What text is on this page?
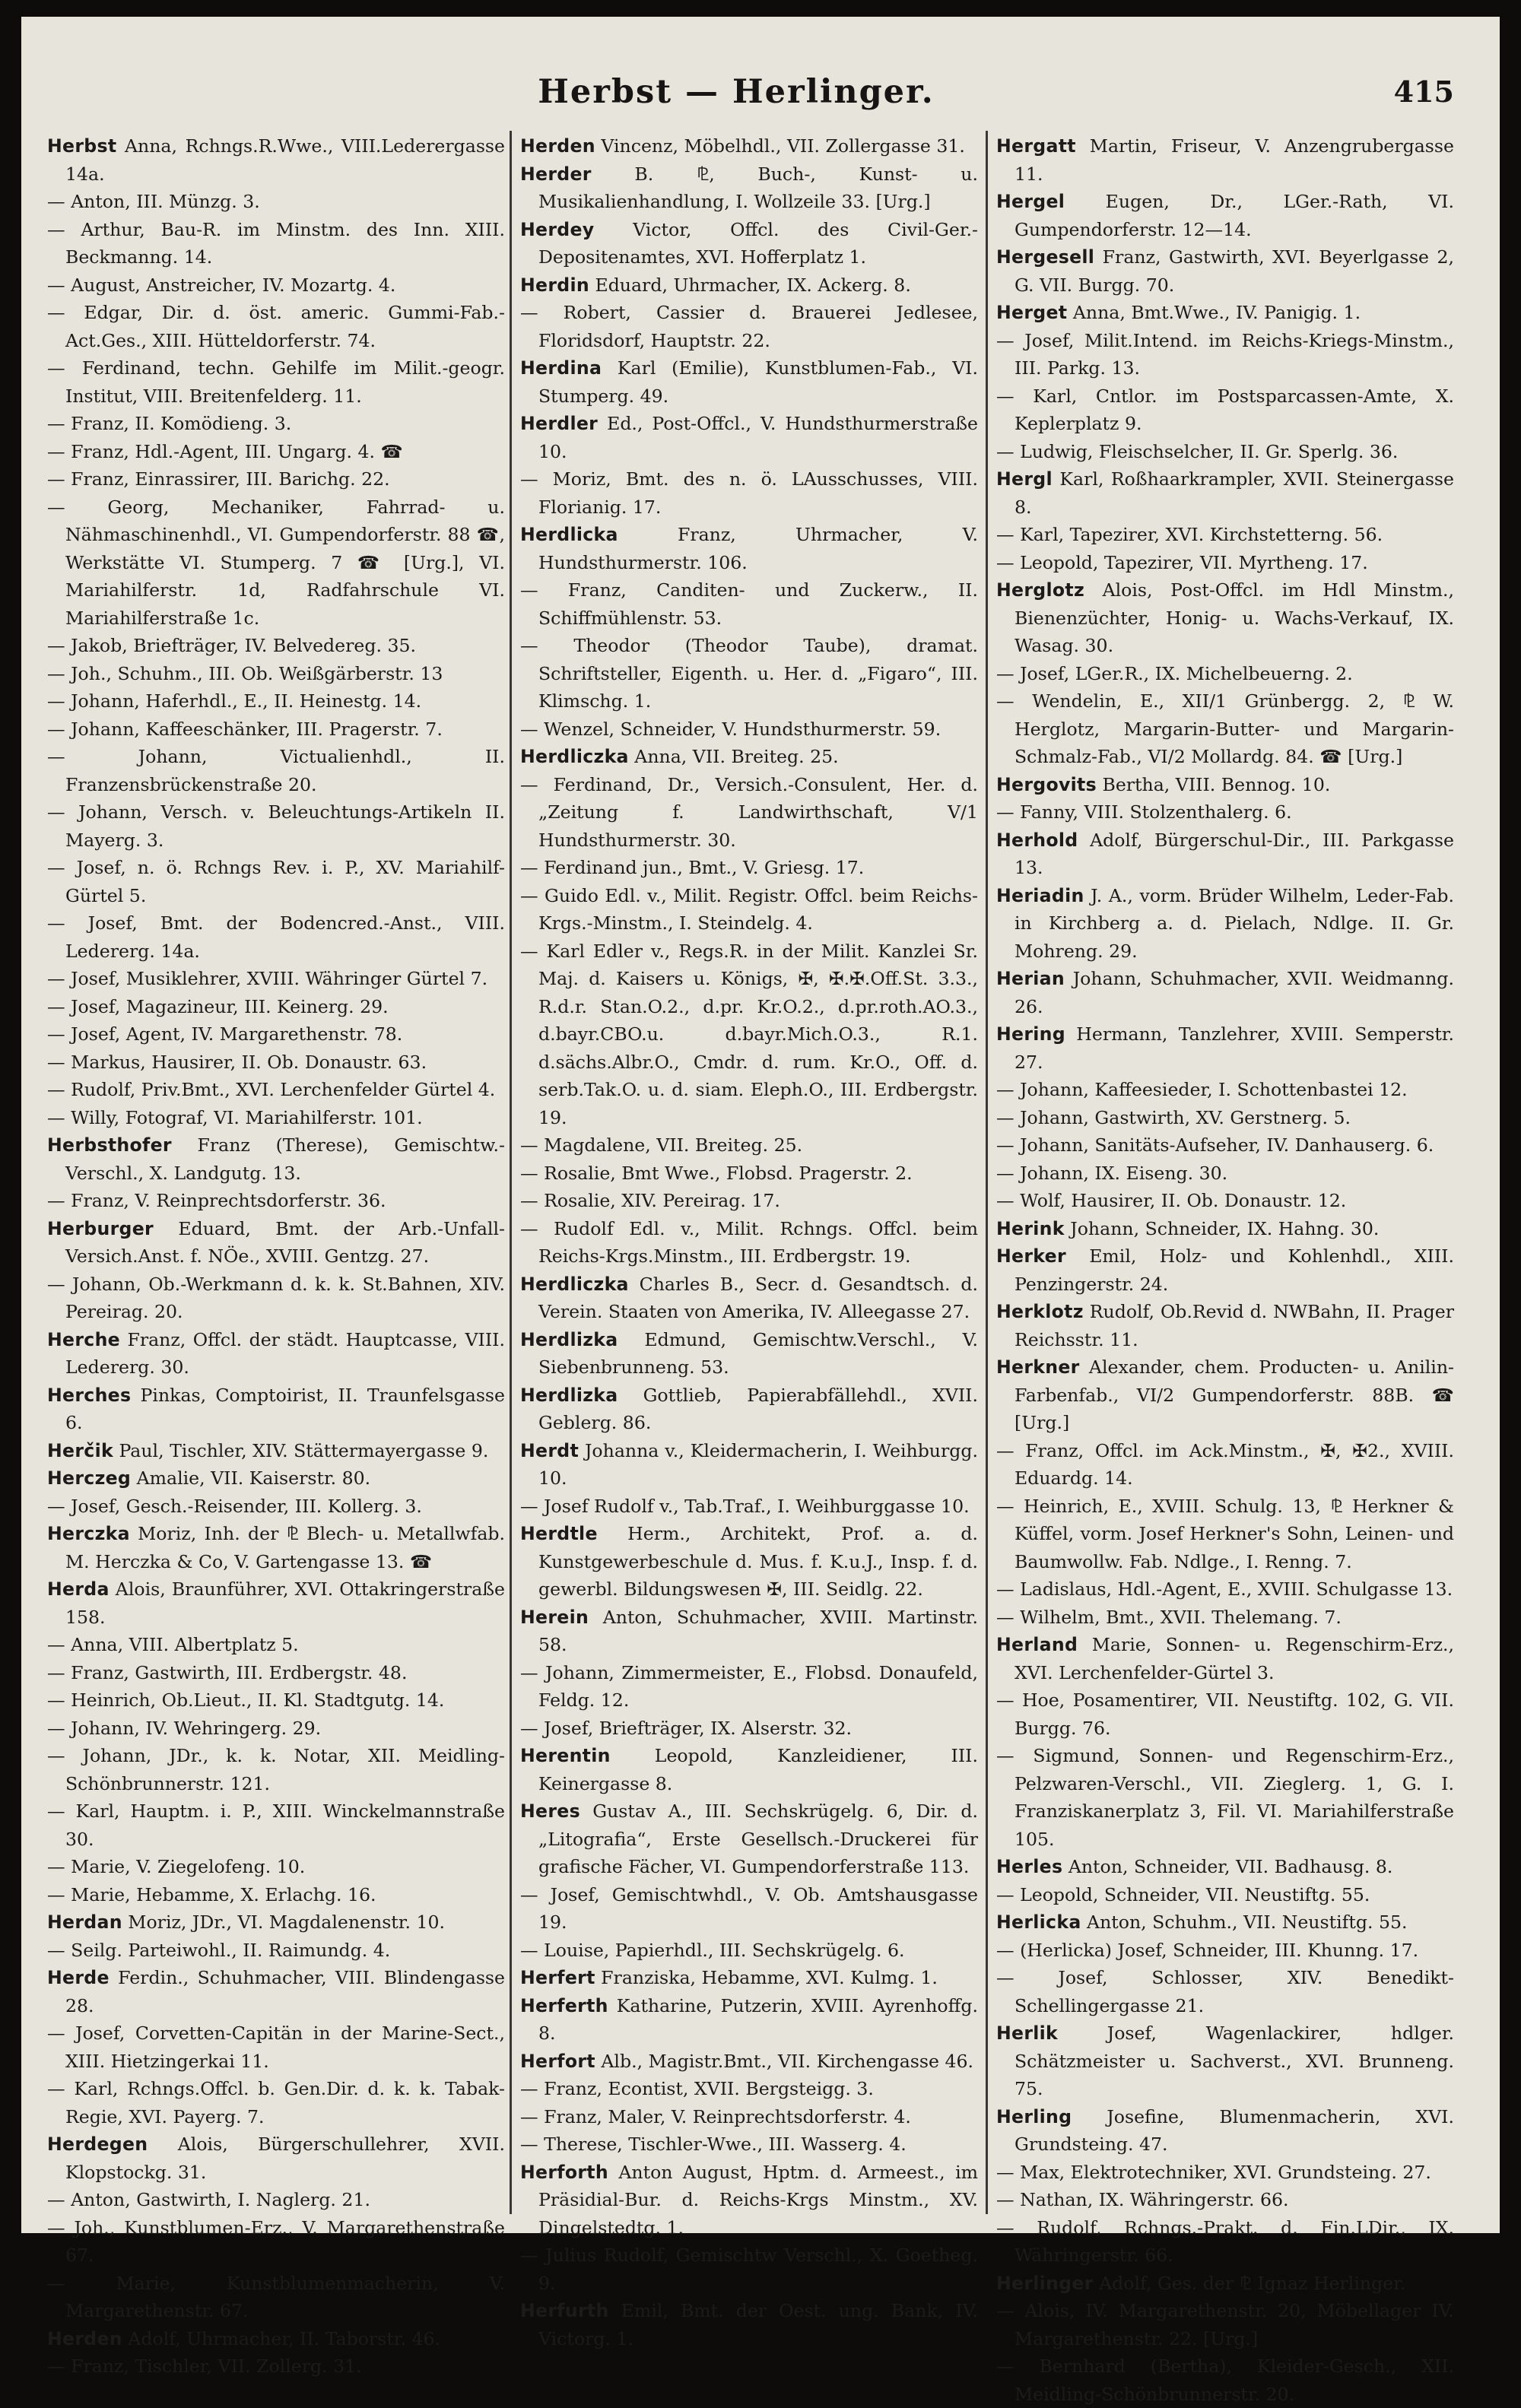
Herbst — Herlinger.	415

Herbst Anna, Rchngs.R.Wwe., VIII.Lederergasse 14a.

— Anton, III. Münzg. 3.

— Arthur, Bau-R. im Minstm. des Inn. XIII. Beckmanng. 14.

— August, Anstreicher, IV. Mozartg. 4.

— Edgar, Dir. d. öst. americ. Gummi-Fab.-Act.Ges., XIII. Hütteldorferstr. 74.

— Ferdinand, techn. Gehilfe im Milit.-geogr. Institut, VIII. Breitenfelderg. 11.

— Franz, II. Komödieng. 3.

— Franz, Hdl.-Agent, III. Ungarg. 4. ☎

— Franz, Einrassirer, III. Barichg. 22.

— Georg, Mechaniker, Fahrrad- u. Nähmaschinenhdl., VI. Gumpendorferstr. 88 ☎, Werkstätte VI. Stumperg. 7 ☎ [Urg.], VI. Mariahilferstr. 1d, Radfahrschule VI. Mariahilferstraße 1c.

— Jakob, Briefträger, IV. Belvedereg. 35.

— Joh., Schuhm., III. Ob. Weißgärberstr. 13

— Johann, Haferhdl., E., II. Heinestg. 14.

— Johann, Kaffeeschänker, III. Pragerstr. 7.

— Johann, Victualienhdl., II. Franzensbrückenstraße 20.

— Johann, Versch. v. Beleuchtungs-Artikeln II. Mayerg. 3.

— Josef, n. ö. Rchngs Rev. i. P., XV. Mariahilf-Gürtel 5.

— Josef, Bmt. der Bodencred.-Anst., VIII. Ledererg. 14a.

— Josef, Musiklehrer, XVIII. Währinger Gürtel 7.

— Josef, Magazineur, III. Keinerg. 29.

— Josef, Agent, IV. Margarethenstr. 78.

— Markus, Hausirer, II. Ob. Donaustr. 63.

— Rudolf, Priv.Bmt., XVI. Lerchenfelder Gürtel 4.

— Willy, Fotograf, VI. Mariahilferstr. 101.

Herbsthofer Franz (Therese), Gemischtw.-Verschl., X. Landgutg. 13.

— Franz, V. Reinprechtsdorferstr. 36.

Herburger Eduard, Bmt. der Arb.-Unfall-Versich.Anst. f. NÖe., XVIII. Gentzg. 27.

— Johann, Ob.-Werkmann d. k. k. St.Bahnen, XIV. Pereirag. 20.

Herche Franz, Offcl. der städt. Hauptcasse, VIII. Ledererg. 30.

Herches Pinkas, Comptoirist, II. Traunfelsgasse 6.

Herčik Paul, Tischler, XIV. Stättermayergasse 9.

Herczeg Amalie, VII. Kaiserstr. 80.

— Josef, Gesch.-Reisender, III. Kollerg. 3.

Herczka Moriz, Inh. der ⅊ Blech- u. Metallwfab. M. Herczka & Co, V. Gartengasse 13. ☎

Herda Alois, Braunführer, XVI. Ottakringerstraße 158.

— Anna, VIII. Albertplatz 5.

— Franz, Gastwirth, III. Erdbergstr. 48.

— Heinrich, Ob.Lieut., II. Kl. Stadtgutg. 14.

— Johann, IV. Wehringerg. 29.

— Johann, JDr., k. k. Notar, XII. Meidling-Schönbrunnerstr. 121.

— Karl, Hauptm. i. P., XIII. Winckelmannstraße 30.

— Marie, V. Ziegelofeng. 10.

— Marie, Hebamme, X. Erlachg. 16.

Herdan Moriz, JDr., VI. Magdalenenstr. 10.

— Seilg. Parteiwohl., II. Raimundg. 4.

Herde Ferdin., Schuhmacher, VIII. Blindengasse 28.

— Josef, Corvetten-Capitän in der Marine-Sect., XIII. Hietzingerkai 11.

— Karl, Rchngs.Offcl. b. Gen.Dir. d. k. k. Tabak-Regie, XVI. Payerg. 7.

Herdegen Alois, Bürgerschullehrer, XVII. Klopstockg. 31.

— Anton, Gastwirth, I. Naglerg. 21.

— Joh., Kunstblumen-Erz., V. Margarethenstraße 67.

— Marie, Kunstblumenmacherin, V. Margarethenstr. 67.

Herden Adolf, Uhrmacher, II. Taborstr. 46.

— Franz, Tischler, VII. Zollerg. 31.

Herden Vincenz, Möbelhdl., VII. Zollergasse 31.

Herder B. ⅊, Buch-, Kunst- u. Musikalienhandlung, I. Wollzeile 33. [Urg.]

Herdey Victor, Offcl. des Civil-Ger.-Depositenamtes, XVI. Hofferplatz 1.

Herdin Eduard, Uhrmacher, IX. Ackerg. 8.

— Robert, Cassier d. Brauerei Jedlesee, Floridsdorf, Hauptstr. 22.

Herdina Karl (Emilie), Kunstblumen-Fab., VI. Stumperg. 49.

Herdler Ed., Post-Offcl., V. Hundsthurmerstraße 10.

— Moriz, Bmt. des n. ö. LAusschusses, VIII. Florianig. 17.

Herdlicka Franz, Uhrmacher, V. Hundsthurmerstr. 106.

— Franz, Canditen- und Zuckerw., II. Schiffmühlenstr. 53.

— Theodor (Theodor Taube), dramat. Schriftsteller, Eigenth. u. Her. d. „Figaro“, III. Klimschg. 1.

— Wenzel, Schneider, V. Hundsthurmerstr. 59.

Herdliczka Anna, VII. Breiteg. 25.

— Ferdinand, Dr., Versich.-Consulent, Her. d. „Zeitung f. Landwirthschaft, V/1 Hundsthurmerstr. 30.

— Ferdinand jun., Bmt., V. Griesg. 17.

— Guido Edl. v., Milit. Registr. Offcl. beim Reichs-Krgs.-Minstm., I. Steindelg. 4.

— Karl Edler v., Regs.R. in der Milit. Kanzlei Sr. Maj. d. Kaisers u. Königs, ✠, ✠.✠.Off.St. 3.3., R.d.r. Stan.O.2., d.pr. Kr.O.2., d.pr.roth.AO.3., d.bayr.CBO.u. d.bayr.Mich.O.3., R.1. d.sächs.Albr.O., Cmdr. d. rum. Kr.O., Off. d. serb.Tak.O. u. d. siam. Eleph.O., III. Erdbergstr. 19.

— Magdalene, VII. Breiteg. 25.

— Rosalie, Bmt Wwe., Flobsd. Pragerstr. 2.

— Rosalie, XIV. Pereirag. 17.

— Rudolf Edl. v., Milit. Rchngs. Offcl. beim Reichs-Krgs.Minstm., III. Erdbergstr. 19.

Herdliczka Charles B., Secr. d. Gesandtsch. d. Verein. Staaten von Amerika, IV. Alleegasse 27.

Herdlizka Edmund, Gemischtw.Verschl., V. Siebenbrunneng. 53.

Herdlizka Gottlieb, Papierabfällehdl., XVII. Geblerg. 86.

Herdt Johanna v., Kleidermacherin, I. Weihburgg. 10.

— Josef Rudolf v., Tab.Traf., I. Weihburggasse 10.

Herdtle Herm., Architekt, Prof. a. d. Kunstgewerbeschule d. Mus. f. K.u.J., Insp. f. d. gewerbl. Bildungswesen ✠, III. Seidlg. 22.

Herein Anton, Schuhmacher, XVIII. Martinstr. 58.

— Johann, Zimmermeister, E., Flobsd. Donaufeld, Feldg. 12.

— Josef, Briefträger, IX. Alserstr. 32.

Herentin Leopold, Kanzleidiener, III. Keinergasse 8.

Heres Gustav A., III. Sechskrügelg. 6, Dir. d. „Litografia“, Erste Gesellsch.-Druckerei für grafische Fächer, VI. Gumpendorferstraße 113.

— Josef, Gemischtwhdl., V. Ob. Amtshausgasse 19.

— Louise, Papierhdl., III. Sechskrügelg. 6.

Herfert Franziska, Hebamme, XVI. Kulmg. 1.

Herferth Katharine, Putzerin, XVIII. Ayrenhoffg. 8.

Herfort Alb., Magistr.Bmt., VII. Kirchengasse 46.

— Franz, Econtist, XVII. Bergsteigg. 3.

— Franz, Maler, V. Reinprechtsdorferstr. 4.

— Therese, Tischler-Wwe., III. Wasserg. 4.

Herforth Anton August, Hptm. d. Armeest., im Präsidial-Bur. d. Reichs-Krgs Minstm., XV. Dingelstedtg. 1.

— Julius Rudolf, Gemischtw Verschl., X. Goetheg. 9.

Herfurth Emil, Bmt. der Oest. ung. Bank, IV. Victorg. 1.

Hergatt Martin, Friseur, V. Anzengrubergasse 11.

Hergel Eugen, Dr., LGer.-Rath, VI. Gumpendorferstr. 12—14.

Hergesell Franz, Gastwirth, XVI. Beyerlgasse 2, G. VII. Burgg. 70.

Herget Anna, Bmt.Wwe., IV. Panigig. 1.

— Josef, Milit.Intend. im Reichs-Kriegs-Minstm., III. Parkg. 13.

— Karl, Cntlor. im Postsparcassen-Amte, X. Keplerplatz 9.

— Ludwig, Fleischselcher, II. Gr. Sperlg. 36.

Hergl Karl, Roßhaarkrampler, XVII. Steinergasse 8.

— Karl, Tapezirer, XVI. Kirchstetterng. 56.

— Leopold, Tapezirer, VII. Myrtheng. 17.

Herglotz Alois, Post-Offcl. im Hdl Minstm., Bienenzüchter, Honig- u. Wachs-Verkauf, IX. Wasag. 30.

— Josef, LGer.R., IX. Michelbeuerng. 2.

— Wendelin, E., XII/1 Grünbergg. 2, ⅊ W. Herglotz, Margarin-Butter- und Margarin-Schmalz-Fab., VI/2 Mollardg. 84. ☎ [Urg.]

Hergovits Bertha, VIII. Bennog. 10.

— Fanny, VIII. Stolzenthalerg. 6.

Herhold Adolf, Bürgerschul-Dir., III. Parkgasse 13.

Heriadin J. A., vorm. Brüder Wilhelm, Leder-Fab. in Kirchberg a. d. Pielach, Ndlge. II. Gr. Mohreng. 29.

Herian Johann, Schuhmacher, XVII. Weidmanng. 26.

Hering Hermann, Tanzlehrer, XVIII. Semperstr. 27.

— Johann, Kaffeesieder, I. Schottenbastei 12.

— Johann, Gastwirth, XV. Gerstnerg. 5.

— Johann, Sanitäts-Aufseher, IV. Danhauserg. 6.

— Johann, IX. Eiseng. 30.

— Wolf, Hausirer, II. Ob. Donaustr. 12.

Herink Johann, Schneider, IX. Hahng. 30.

Herker Emil, Holz- und Kohlenhdl., XIII. Penzingerstr. 24.

Herklotz Rudolf, Ob.Revid d. NWBahn, II. Prager Reichsstr. 11.

Herkner Alexander, chem. Producten- u. Anilin-Farbenfab., VI/2 Gumpendorferstr. 88B. ☎ [Urg.]

— Franz, Offcl. im Ack.Minstm., ✠, ✠2., XVIII. Eduardg. 14.

— Heinrich, E., XVIII. Schulg. 13, ⅊ Herkner & Küffel, vorm. Josef Herkner's Sohn, Leinen- und Baumwollw. Fab. Ndlge., I. Renng. 7.

— Ladislaus, Hdl.-Agent, E., XVIII. Schulgasse 13.

— Wilhelm, Bmt., XVII. Thelemang. 7.

Herland Marie, Sonnen- u. Regenschirm-Erz., XVI. Lerchenfelder-Gürtel 3.

— Hoe, Posamentirer, VII. Neustiftg. 102, G. VII. Burgg. 76.

— Sigmund, Sonnen- und Regenschirm-Erz., Pelzwaren-Verschl., VII. Zieglerg. 1, G. I. Franziskanerplatz 3, Fil. VI. Mariahilferstraße 105.

Herles Anton, Schneider, VII. Badhausg. 8.

— Leopold, Schneider, VII. Neustiftg. 55.

Herlicka Anton, Schuhm., VII. Neustiftg. 55.

— (Herlicka) Josef, Schneider, III. Khunng. 17.

— Josef, Schlosser, XIV. Benedikt-Schellingergasse 21.

Herlik Josef, Wagenlackirer, hdlger. Schätzmeister u. Sachverst., XVI. Brunneng. 75.

Herling Josefine, Blumenmacherin, XVI. Grundsteing. 47.

— Max, Elektrotechniker, XVI. Grundsteing. 27.

— Nathan, IX. Währingerstr. 66.

— Rudolf, Rchngs.-Prakt. d. Fin.LDir., IX. Währingerstr. 66.

Herlinger Adolf, Ges. der ⅊ Ignaz Herlinger.

— Alois, IV. Margarethenstr. 20, Möbellager IV. Margarethenstr. 22. [Urg.]

— Bernhard (Bertha), Kleider-Gesch., XII. Meidling-Schönbrunnerstr. 20.
